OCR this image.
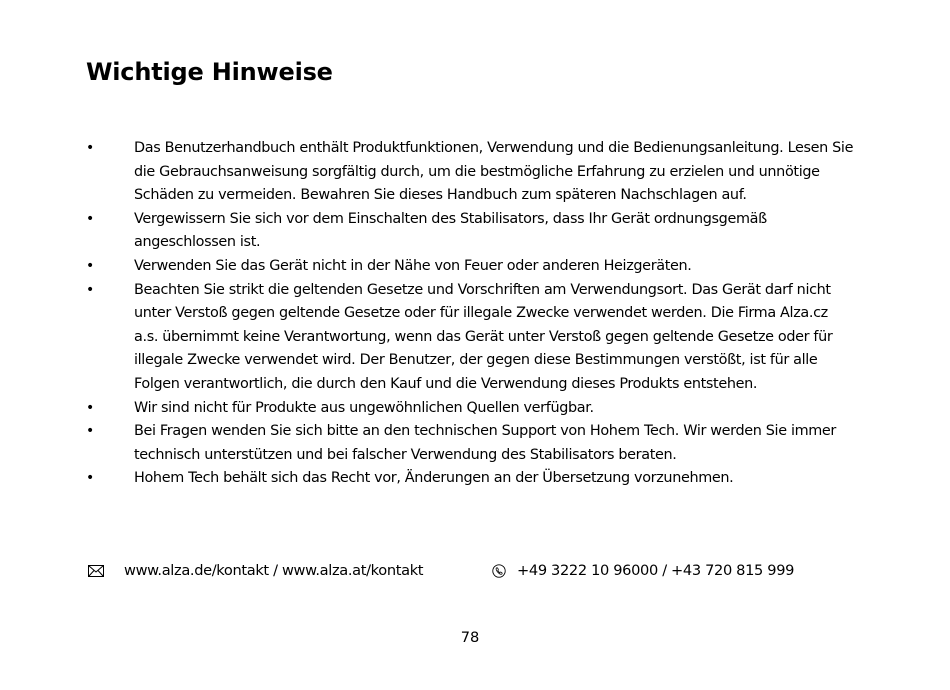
Wichtige Hinweise
•	Das Benutzerhandbuch enthält Produktfunktionen, Verwendung und die Bedienungsanleitung. Lesen Sie die Gebrauchsanweisung sorgfältig durch, um die bestmögliche Erfahrung zu erzielen und unnötige Schäden zu vermeiden. Bewahren Sie dieses Handbuch zum späteren Nachschlagen auf.
•	Vergewissern Sie sich vor dem Einschalten des Stabilisators, dass Ihr Gerät ordnungsgemäß angeschlossen ist.
•	Verwenden Sie das Gerät nicht in der Nähe von Feuer oder anderen Heizgeräten.
•	Beachten Sie strikt die geltenden Gesetze und Vorschriften am Verwendungsort. Das Gerät darf nicht unter Verstoß gegen geltende Gesetze oder für illegale Zwecke verwendet werden. Die Firma Alza.cz a.s. übernimmt keine Verantwortung, wenn das Gerät unter Verstoß gegen geltende Gesetze oder für illegale Zwecke verwendet wird. Der Benutzer, der gegen diese Bestimmungen verstößt, ist für alle Folgen verantwortlich, die durch den Kauf und die Verwendung dieses Produkts entstehen.
•	Wir sind nicht für Produkte aus ungewöhnlichen Quellen verfügbar.
•	Bei Fragen wenden Sie sich bitte an den technischen Support von Hohem Tech. Wir werden Sie immer technisch unterstützen und bei falscher Verwendung des Stabilisators beraten.
•	Hohem Tech behält sich das Recht vor, Änderungen an der Übersetzung vorzunehmen.
www.alza.de/kontakt / www.alza.at/kontakt	+49 3222 10 96000 / +43 720 815 999
78
